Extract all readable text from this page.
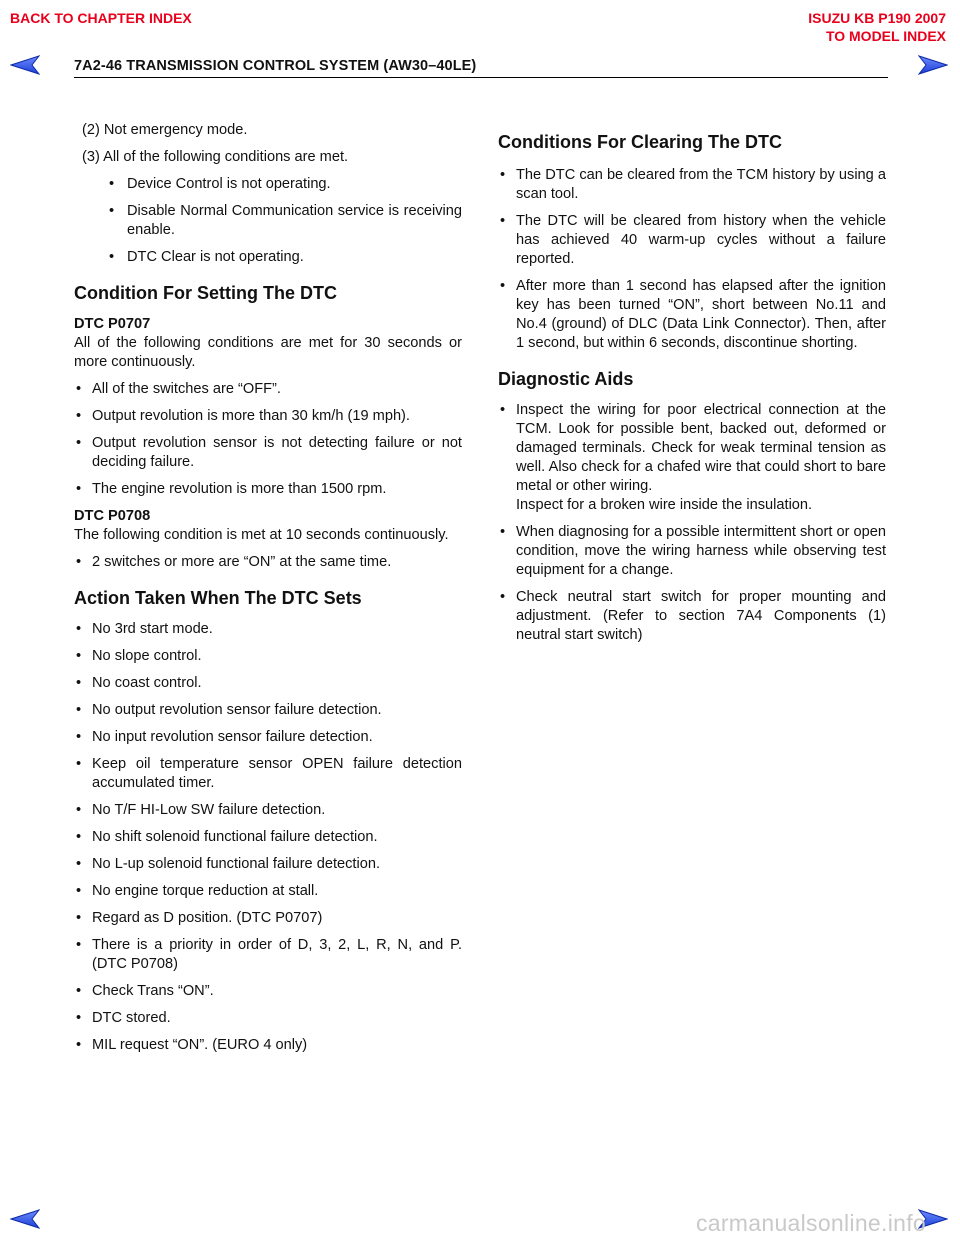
BACK TO CHAPTER INDEX	ISUZU KB P190 2007
TO MODEL INDEX
7A2-46 TRANSMISSION CONTROL SYSTEM (AW30–40LE)

(2) Not emergency mode.

(3) All of the following conditions are met.

• Device Control is not operating.
• Disable Normal Communication service is receiving enable.
• DTC Clear is not operating.
Condition For Setting The DTC

DTC P0707

All of the following conditions are met for 30 seconds or more continuously.

• All of the switches are “OFF”.
• Output revolution is more than 30 km/h (19 mph).
• Output revolution sensor is not detecting failure or not deciding failure.
• The engine revolution is more than 1500 rpm.

DTC P0708

The following condition is met at 10 seconds continuously.

• 2 switches or more are “ON” at the same time.
Action Taken When The DTC Sets
• No 3rd start mode.
• No slope control.
• No coast control.
• No output revolution sensor failure detection.
• No input revolution sensor failure detection.
• Keep oil temperature sensor OPEN failure detection accumulated timer.
• No T/F HI-Low SW failure detection.
• No shift solenoid functional failure detection.
• No L-up solenoid functional failure detection.
• No engine torque reduction at stall.
• Regard as D position. (DTC P0707)
• There is a priority in order of D, 3, 2, L, R, N, and P. (DTC P0708)
• Check Trans “ON”.
• DTC stored.
• MIL request “ON”. (EURO 4 only)
Conditions For Clearing The DTC
• The DTC can be cleared from the TCM history by using a scan tool.
• The DTC will be cleared from history when the vehicle has achieved 40 warm-up cycles without a failure reported.
• After more than 1 second has elapsed after the ignition key has been turned “ON”, short between No.11 and No.4 (ground) of DLC (Data Link Connector). Then, after 1 second, but within 6 seconds, discontinue shorting.
Diagnostic Aids
• Inspect the wiring for poor electrical connection at the TCM. Look for possible bent, backed out, deformed or damaged terminals. Check for weak terminal tension as well. Also check for a chafed wire that could short to bare metal or other wiring.

Inspect for a broken wire inside the insulation.

• When diagnosing for a possible intermittent short or open condition, move the wiring harness while observing test equipment for a change.
• Check neutral start switch for proper mounting and adjustment. (Refer to section 7A4 Components (1) neutral start switch)
carmanualsonline.info
